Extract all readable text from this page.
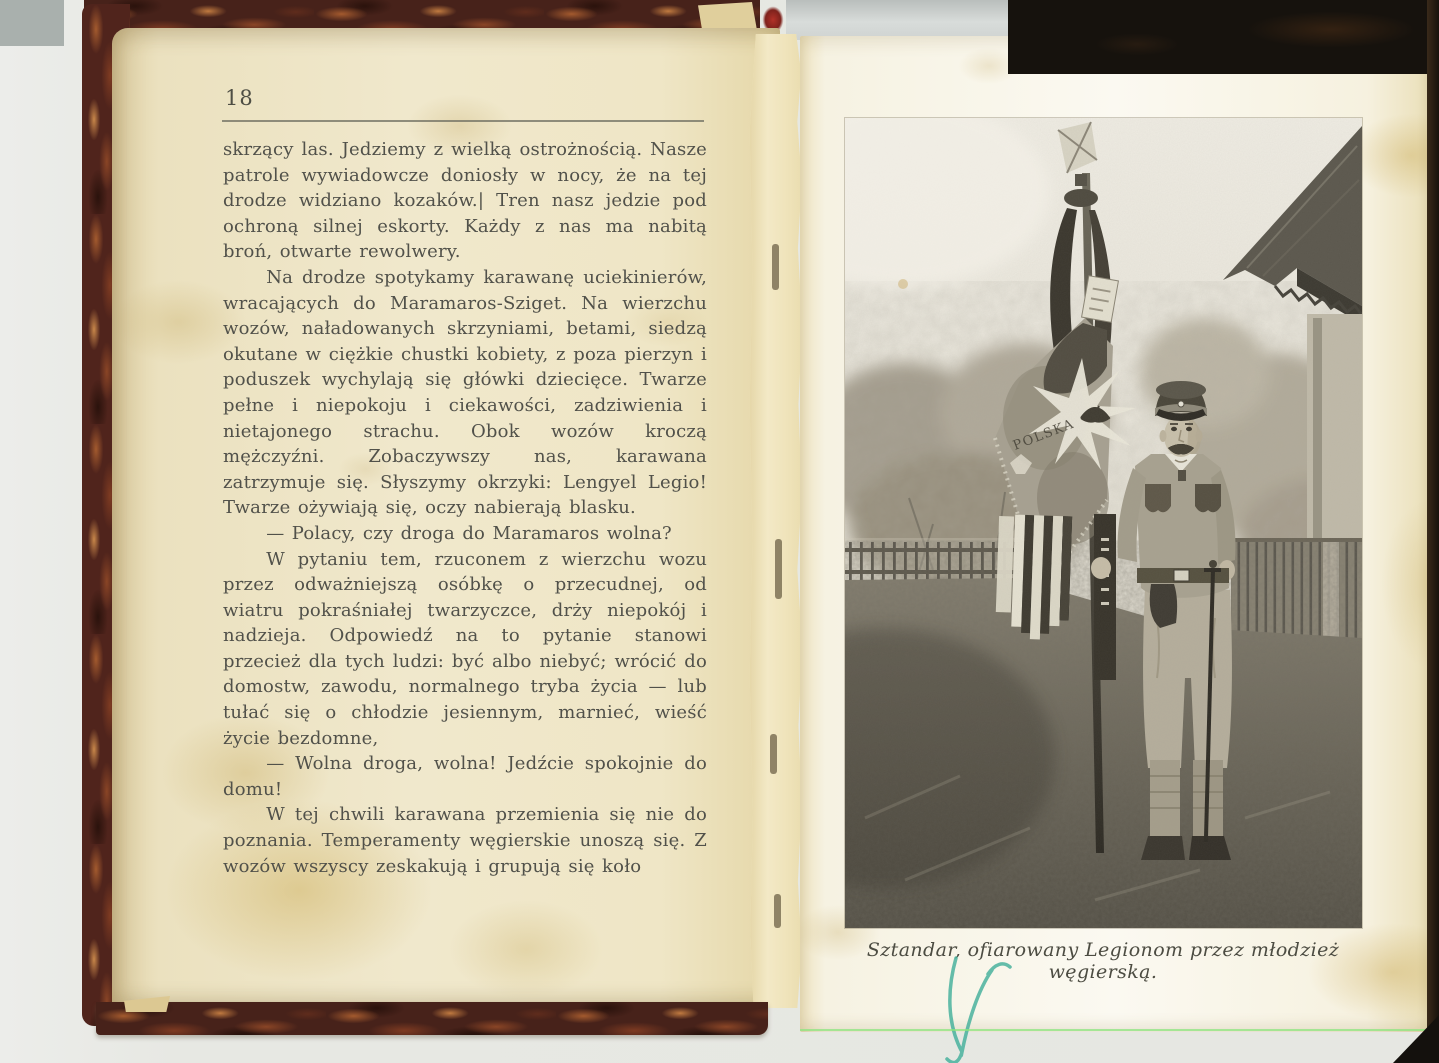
18

skrzący las. Jedziemy z wielką ostrożnością. Nasze patrole wywiadowcze doniosły w nocy, że na tej drodze widziano kozaków.| Tren nasz jedzie pod ochroną silnej eskorty. Każdy z nas ma nabitą broń, otwarte rewolwery.

Na drodze spotykamy karawanę uciekinierów, wracających do Maramaros-Sziget. Na wierzchu wozów, naładowanych skrzyniami, betami, siedzą okutane w ciężkie chustki kobiety, z poza pierzyn i poduszek wychylają się główki dziecięce. Twarze pełne i niepokoju i ciekawości, zadziwienia i nietajonego strachu. Obok wozów kroczą mężczyźni. Zobaczywszy nas, karawana zatrzymuje się. Słyszymy okrzyki: Lengyel Legio! Twarze ożywiają się, oczy nabierają blasku.

— Polacy, czy droga do Maramaros wolna?

W pytaniu tem, rzuconem z wierzchu wozu przez odważniejszą osóbkę o przecudnej, od wiatru pokraśniałej twarzyczce, drży niepokój i nadzieja. Odpowiedź na to pytanie stanowi przecież dla tych ludzi: być albo niebyć; wrócić do domostw, zawodu, normalnego tryba życia — lub tułać się o chłodzie jesiennym, marnieć, wieść życie bezdomne,

— Wolna droga, wolna! Jedźcie spokojnie do domu!

W tej chwili karawana przemienia się nie do poznania. Temperamenty węgierskie unoszą się. Z wozów wszyscy zeskakują i grupują się koło

Sztandar, ofiarowany Legionom przez młodzież węgierską.
